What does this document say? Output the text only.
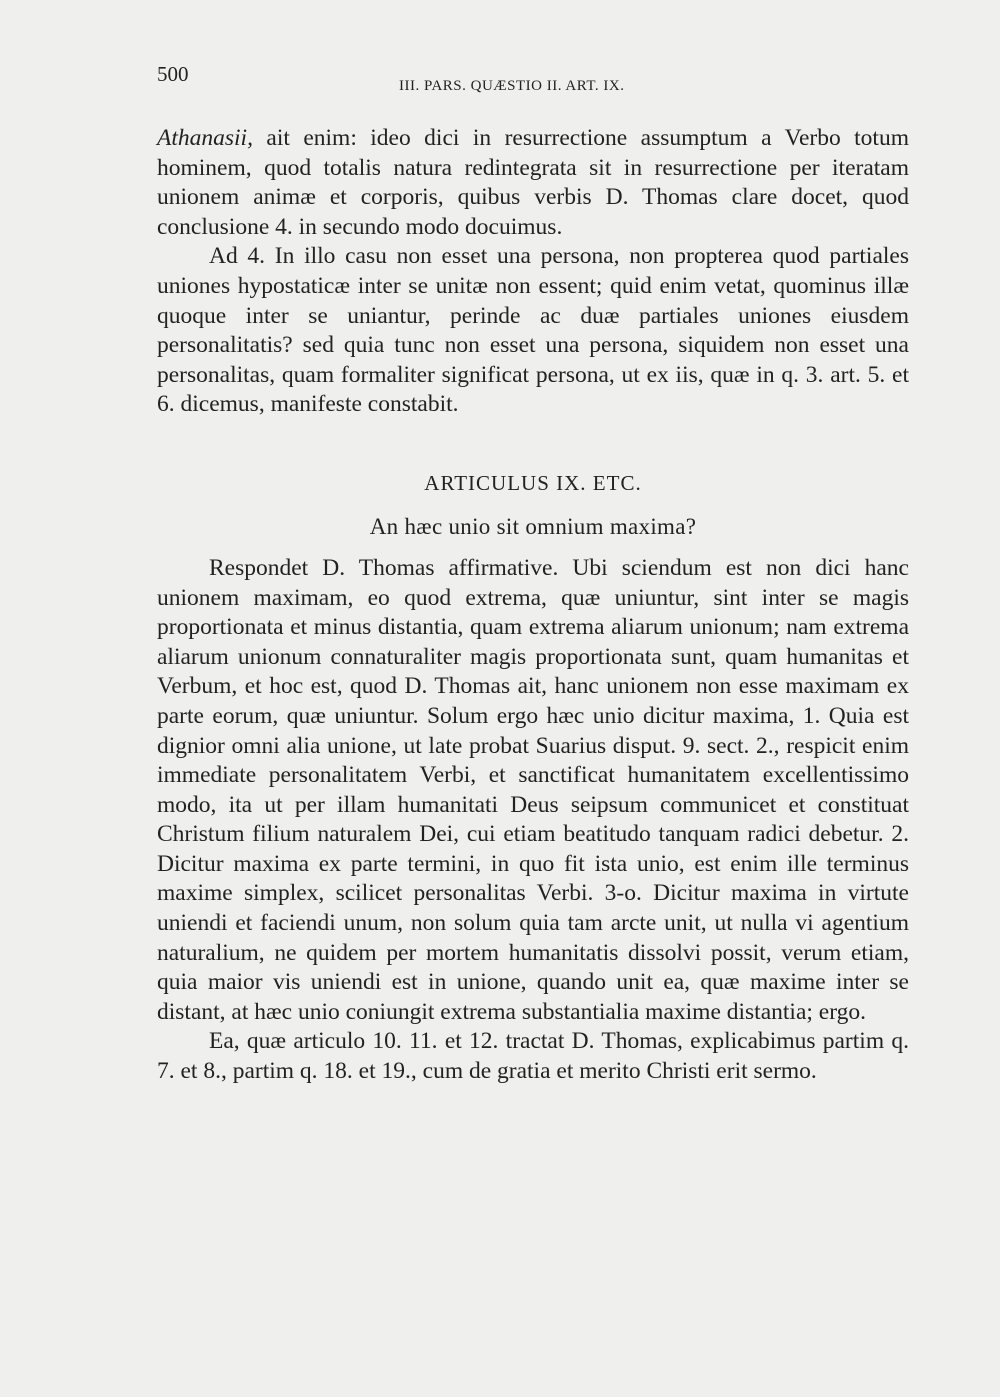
500	III. PARS. QUÆSTIO II. ART. IX.

Athanasii, ait enim: ideo dici in resurrectione assumptum a Verbo totum hominem, quod totalis natura redintegrata sit in resurrectione per iteratam unionem animæ et corporis, quibus verbis D. Thomas clare docet, quod conclusione 4. in secundo modo docuimus.

Ad 4. In illo casu non esset una persona, non propterea quod partiales uniones hypostaticæ inter se unitæ non essent; quid enim vetat, quominus illæ quoque inter se uniantur, perinde ac duæ partiales uniones eiusdem personalitatis? sed quia tunc non esset una persona, siquidem non esset una personalitas, quam formaliter significat persona, ut ex iis, quæ in q. 3. art. 5. et 6. dicemus, manifeste constabit.

ARTICULUS IX. ETC.
An hæc unio sit omnium maxima?

Respondet D. Thomas affirmative. Ubi sciendum est non dici hanc unionem maximam, eo quod extrema, quæ uniuntur, sint inter se magis proportionata et minus distantia, quam extrema aliarum unionum; nam extrema aliarum unionum connaturaliter magis proportionata sunt, quam humanitas et Verbum, et hoc est, quod D. Thomas ait, hanc unionem non esse maximam ex parte eorum, quæ uniuntur. Solum ergo hæc unio dicitur maxima, 1. Quia est dignior omni alia unione, ut late probat Suarius disput. 9. sect. 2., respicit enim immediate personalitatem Verbi, et sanctificat humanitatem excellentissimo modo, ita ut per illam humanitati Deus seipsum communicet et constituat Christum filium naturalem Dei, cui etiam beatitudo tanquam radici debetur. 2. Dicitur maxima ex parte termini, in quo fit ista unio, est enim ille terminus maxime simplex, scilicet personalitas Verbi. 3-o. Dicitur maxima in virtute uniendi et faciendi unum, non solum quia tam arcte unit, ut nulla vi agentium naturalium, ne quidem per mortem humanitatis dissolvi possit, verum etiam, quia maior vis uniendi est in unione, quando unit ea, quæ maxime inter se distant, at hæc unio coniungit extrema substantialia maxime distantia; ergo.

Ea, quæ articulo 10. 11. et 12. tractat D. Thomas, explicabimus partim q. 7. et 8., partim q. 18. et 19., cum de gratia et merito Christi erit sermo.
